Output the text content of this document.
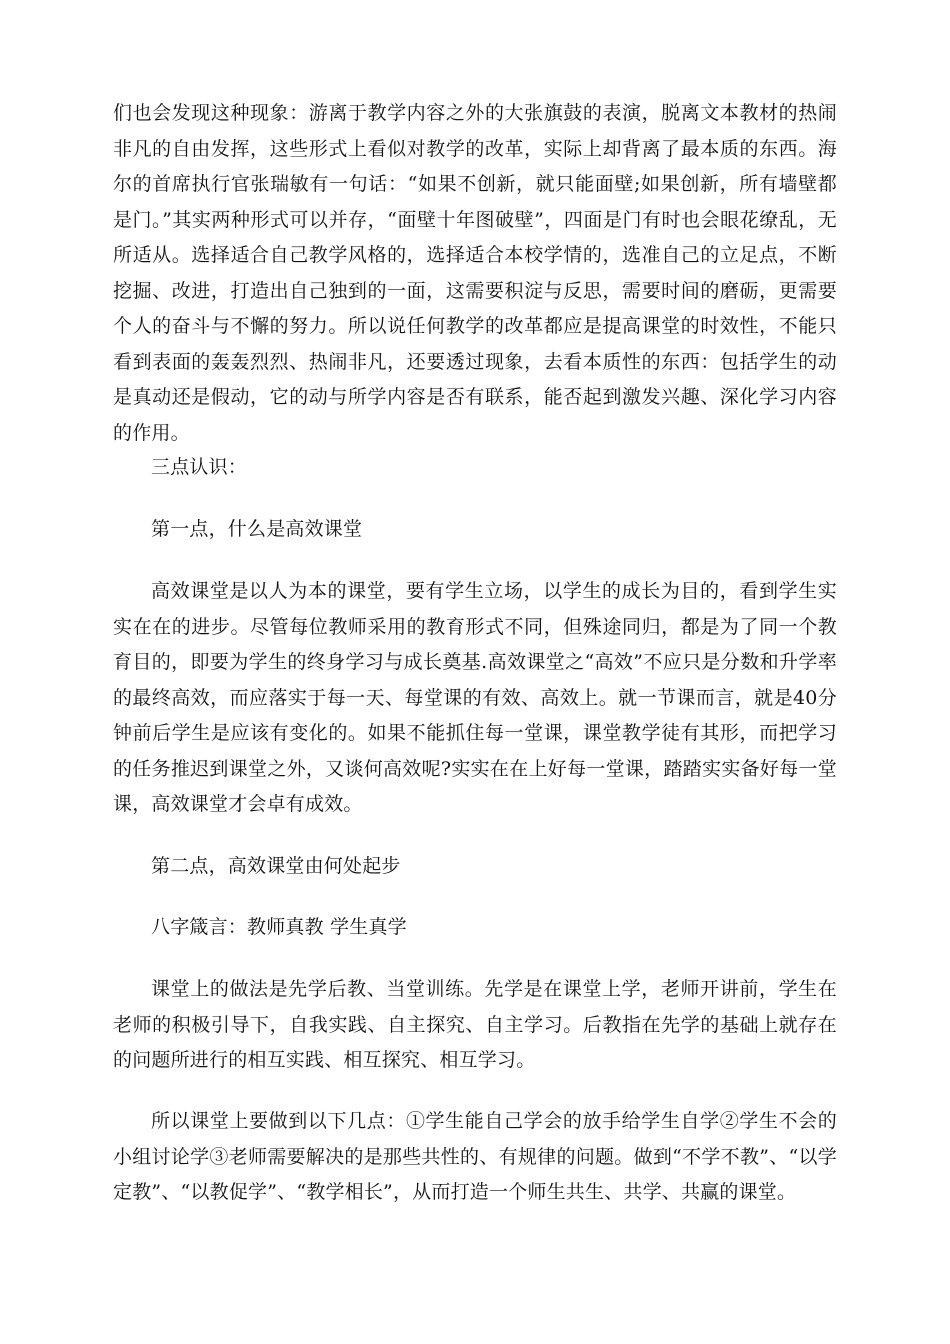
们也会发现这种现象：游离于教学内容之外的大张旗鼓的表演，脱离文本教材的热闹非凡的自由发挥，这些形式上看似对教学的改革，实际上却背离了最本质的东西。海尔的首席执行官张瑞敏有一句话：“如果不创新，就只能面壁;如果创新，所有墙壁都是门。”其实两种形式可以并存，“面壁十年图破壁”，四面是门有时也会眼花缭乱，无所适从。选择适合自己教学风格的，选择适合本校学情的，选准自己的立足点，不断挖掘、改进，打造出自己独到的一面，这需要积淀与反思，需要时间的磨砺，更需要个人的奋斗与不懈的努力。所以说任何教学的改革都应是提高课堂的时效性，不能只看到表面的轰轰烈烈、热闹非凡，还要透过现象，去看本质性的东西：包括学生的动是真动还是假动，它的动与所学内容是否有联系，能否起到激发兴趣、深化学习内容的作用。

三点认识：

第一点，什么是高效课堂

高效课堂是以人为本的课堂，要有学生立场，以学生的成长为目的，看到学生实实在在的进步。尽管每位教师采用的教育形式不同，但殊途同归，都是为了同一个教育目的，即要为学生的终身学习与成长奠基.高效课堂之“高效”不应只是分数和升学率的最终高效，而应落实于每一天、每堂课的有效、高效上。就一节课而言，就是40分钟前后学生是应该有变化的。如果不能抓住每一堂课，课堂教学徒有其形，而把学习的任务推迟到课堂之外，又谈何高效呢?实实在在上好每一堂课，踏踏实实备好每一堂课，高效课堂才会卓有成效。

第二点，高效课堂由何处起步

八字箴言：教师真教 学生真学

课堂上的做法是先学后教、当堂训练。先学是在课堂上学，老师开讲前，学生在老师的积极引导下，自我实践、自主探究、自主学习。后教指在先学的基础上就存在的问题所进行的相互实践、相互探究、相互学习。

所以课堂上要做到以下几点：①学生能自己学会的放手给学生自学②学生不会的小组讨论学③老师需要解决的是那些共性的、有规律的问题。做到“不学不教”、“以学定教”、“以教促学”、“教学相长”，从而打造一个师生共生、共学、共赢的课堂。
